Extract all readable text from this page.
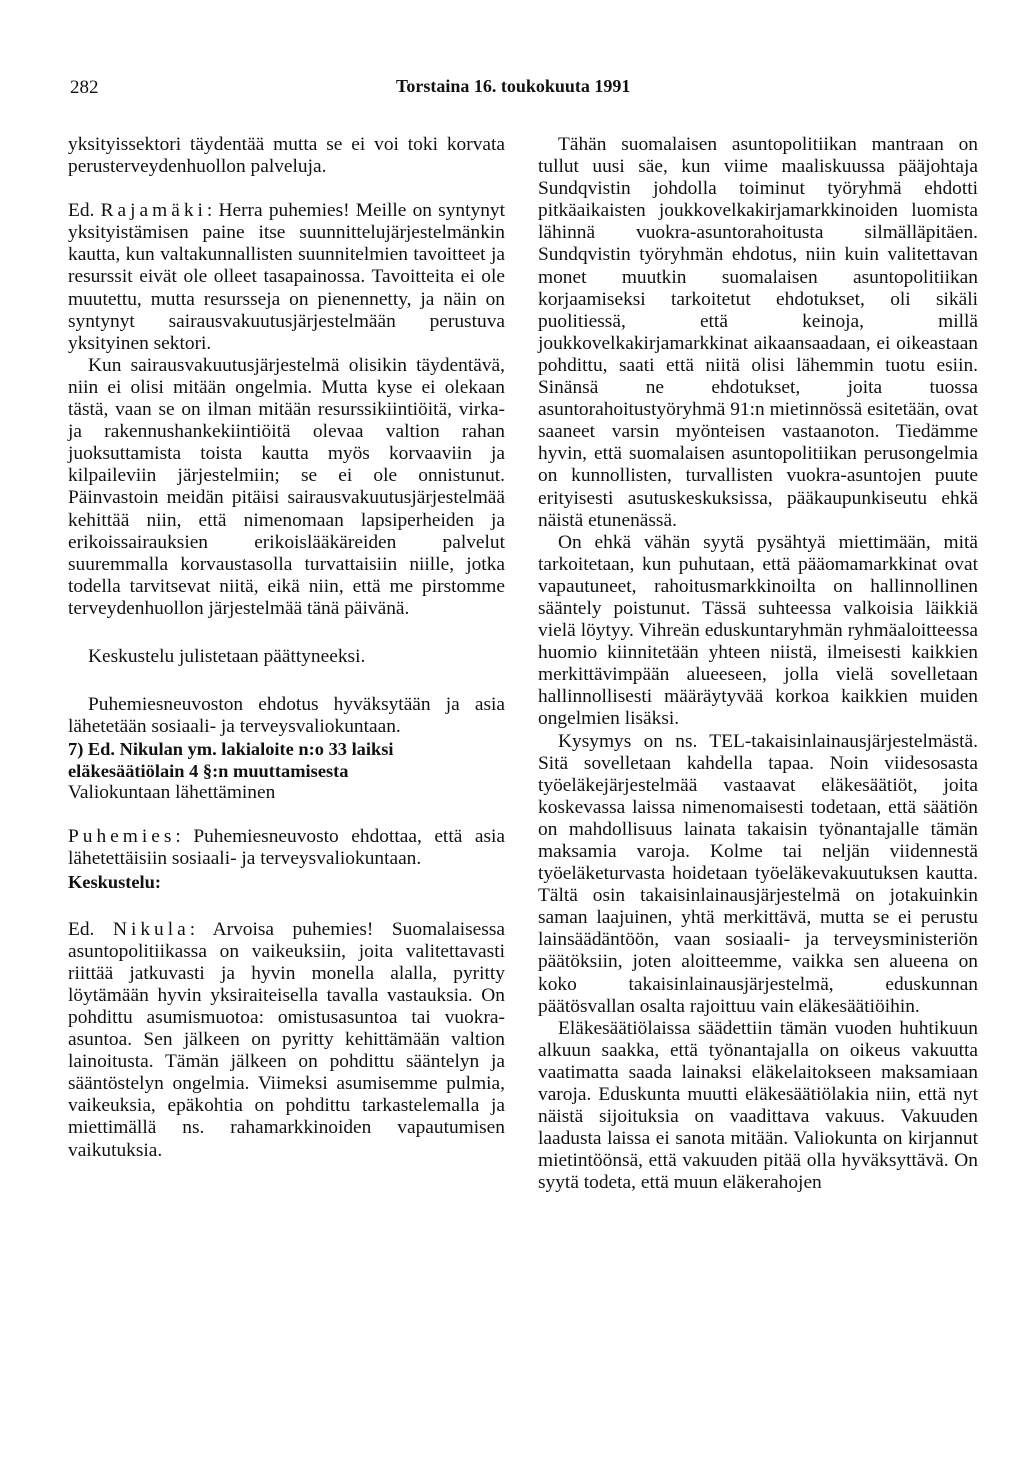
282	Torstaina 16. toukokuuta 1991

yksityissektori täydentää mutta se ei voi toki korvata perusterveydenhuollon palveluja.

Ed. Rajamäki: Herra puhemies! Meille on syntynyt yksityistämisen paine itse suunnittelujärjestelmänkin kautta, kun valtakunnallisten suunnitelmien tavoitteet ja resurssit eivät ole olleet tasapainossa. Tavoitteita ei ole muutettu, mutta resursseja on pienennetty, ja näin on syntynyt sairausvakuutusjärjestelmään perustuva yksityinen sektori.

Kun sairausvakuutusjärjestelmä olisikin täydentävä, niin ei olisi mitään ongelmia. Mutta kyse ei olekaan tästä, vaan se on ilman mitään resurssikiintiöitä, virka- ja rakennushankekiintiöitä olevaa valtion rahan juoksuttamista toista kautta myös korvaaviin ja kilpaileviin järjestelmiin; se ei ole onnistunut. Päinvastoin meidän pitäisi sairausvakuutusjärjestelmää kehittää niin, että nimenomaan lapsiperheiden ja erikoissairauksien erikoislääkäreiden palvelut suuremmalla korvaustasolla turvattaisiin niille, jotka todella tarvitsevat niitä, eikä niin, että me pirstomme terveydenhuollon järjestelmää tänä päivänä.

Keskustelu julistetaan päättyneeksi.

Puhemiesneuvoston ehdotus hyväksytään ja asia lähetetään sosiaali- ja terveysvaliokuntaan.

7) Ed. Nikulan ym. lakialoite n:o 33 laiksi eläkesäätiölain 4 §:n muuttamisesta

Valiokuntaan lähettäminen

Puhemies: Puhemiesneuvosto ehdottaa, että asia lähetettäisiin sosiaali- ja terveysvaliokuntaan.

Keskustelu:

Ed. Nikula: Arvoisa puhemies! Suomalaisessa asuntopolitiikassa on vaikeuksiin, joita valitettavasti riittää jatkuvasti ja hyvin monella alalla, pyritty löytämään hyvin yksiraiteisella tavalla vastauksia. On pohdittu asumismuotoa: omistusasuntoa tai vuokra-asuntoa. Sen jälkeen on pyritty kehittämään valtion lainoitusta. Tämän jälkeen on pohdittu sääntelyn ja sääntöstelyn ongelmia. Viimeksi asumisemme pulmia, vaikeuksia, epäkohtia on pohdittu tarkastelemalla ja miettimällä ns. rahamarkkinoiden vapautumisen vaikutuksia.

Tähän suomalaisen asuntopolitiikan mantraan on tullut uusi säe, kun viime maaliskuussa pääjohtaja Sundqvistin johdolla toiminut työryhmä ehdotti pitkäaikaisten joukkovelkakirjamarkkinoiden luomista lähinnä vuokra-asuntorahoitusta silmälläpitäen. Sundqvistin työryhmän ehdotus, niin kuin valitettavan monet muutkin suomalaisen asuntopolitiikan korjaamiseksi tarkoitetut ehdotukset, oli sikäli puolitiessä, että keinoja, millä joukkovelkakirjamarkkinat aikaansaadaan, ei oikeastaan pohdittu, saati että niitä olisi lähemmin tuotu esiin. Sinänsä ne ehdotukset, joita tuossa asuntorahoitustyöryhmä 91:n mietinnössä esitetään, ovat saaneet varsin myönteisen vastaanoton. Tiedämme hyvin, että suomalaisen asuntopolitiikan perusongelmia on kunnollisten, turvallisten vuokra-asuntojen puute erityisesti asutuskeskuksissa, pääkaupunkiseutu ehkä näistä etunenässä.

On ehkä vähän syytä pysähtyä miettimään, mitä tarkoitetaan, kun puhutaan, että pääomamarkkinat ovat vapautuneet, rahoitusmarkkinoilta on hallinnollinen sääntely poistunut. Tässä suhteessa valkoisia läikkiä vielä löytyy. Vihreän eduskuntaryhmän ryhmäaloitteessa huomio kiinnitetään yhteen niistä, ilmeisesti kaikkien merkittävimpään alueeseen, jolla vielä sovelletaan hallinnollisesti määräytyvää korkoa kaikkien muiden ongelmien lisäksi.

Kysymys on ns. TEL-takaisinlainausjärjestelmästä. Sitä sovelletaan kahdella tapaa. Noin viidesosasta työeläkejärjestelmää vastaavat eläkesäätiöt, joita koskevassa laissa nimenomaisesti todetaan, että säätiön on mahdollisuus lainata takaisin työnantajalle tämän maksamia varoja. Kolme tai neljän viidennestä työeläketurvasta hoidetaan työeläkevakuutuksen kautta. Tältä osin takaisinlainausjärjestelmä on jotakuinkin saman laajuinen, yhtä merkittävä, mutta se ei perustu lainsäädäntöön, vaan sosiaali- ja terveysministeriön päätöksiin, joten aloitteemme, vaikka sen alueena on koko takaisinlainausjärjestelmä, eduskunnan päätösvallan osalta rajoittuu vain eläkesäätiöihin.

Eläkesäätiölaissa säädettiin tämän vuoden huhtikuun alkuun saakka, että työnantajalla on oikeus vakuutta vaatimatta saada lainaksi eläkelaitokseen maksamiaan varoja. Eduskunta muutti eläkesäätiölakia niin, että nyt näistä sijoituksia on vaadittava vakuus. Vakuuden laadusta laissa ei sanota mitään. Valiokunta on kirjannut mietintöönsä, että vakuuden pitää olla hyväksyttävä. On syytä todeta, että muun eläkerahojen
